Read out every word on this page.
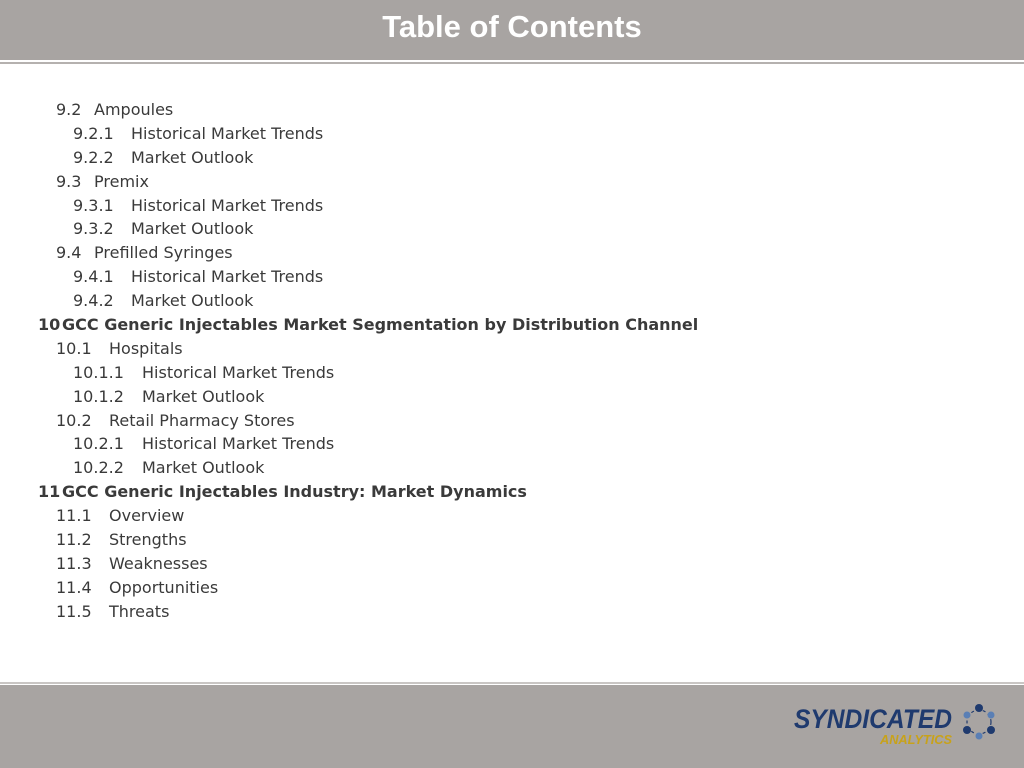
Table of Contents
9.2 Ampoules
9.2.1 Historical Market Trends
9.2.2 Market Outlook
9.3 Premix
9.3.1 Historical Market Trends
9.3.2 Market Outlook
9.4 Prefilled Syringes
9.4.1 Historical Market Trends
9.4.2 Market Outlook
10 GCC Generic Injectables Market Segmentation by Distribution Channel
10.1 Hospitals
10.1.1 Historical Market Trends
10.1.2 Market Outlook
10.2 Retail Pharmacy Stores
10.2.1 Historical Market Trends
10.2.2 Market Outlook
11 GCC Generic Injectables Industry: Market Dynamics
11.1 Overview
11.2 Strengths
11.3 Weaknesses
11.4 Opportunities
11.5 Threats
SYNDICATED
ANALYTICS
